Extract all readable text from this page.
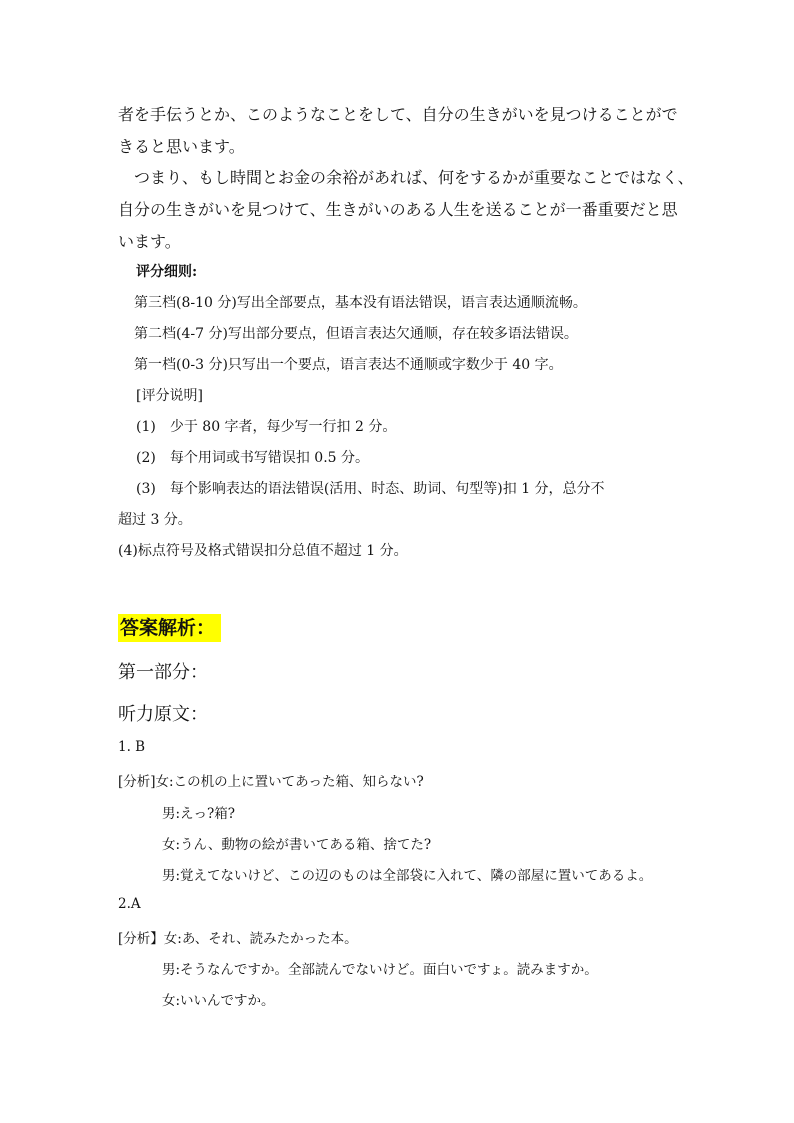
者を手伝うとか、このようなことをして、自分の生きがいを見つけることがで
きると思います。
つまり、もし時間とお金の余裕があれば、何をするかが重要なことではなく、
自分の生きがいを見つけて、生きがいのある人生を送ることが一番重要だと思
います。
评分细则:
第三档(8-10 分)写出全部要点，基本没有语法错误，语言表达通顺流畅。
第二档(4-7 分)写出部分要点，但语言表达欠通顺，存在较多语法错误。
第一档(0-3 分)只写出一个要点，语言表达不通顺或字数少于 40 字。
[评分说明]
(1)　少于 80 字者，每少写一行扣 2 分。
(2)　每个用词或书写错误扣 0.5 分。
(3)　每个影响表达的语法错误(活用、时态、助词、句型等)扣 1 分，总分不
超过 3 分。
(4)标点符号及格式错误扣分总值不超过 1 分。
答案解析：
第一部分：
听力原文：
1. B
[分析]女:この机の上に置いてあった箱、知らない?
男:えっ?箱?
女:うん、動物の絵が書いてある箱、捨てた?
男:覚えてないけど、この辺のものは全部袋に入れて、隣の部屋に置いてあるよ。
2.A
[分析】女:あ、それ、読みたかった本。
男:そうなんですか。全部読んでないけど。面白いですょ。読みますか。
女:いいんですか。
